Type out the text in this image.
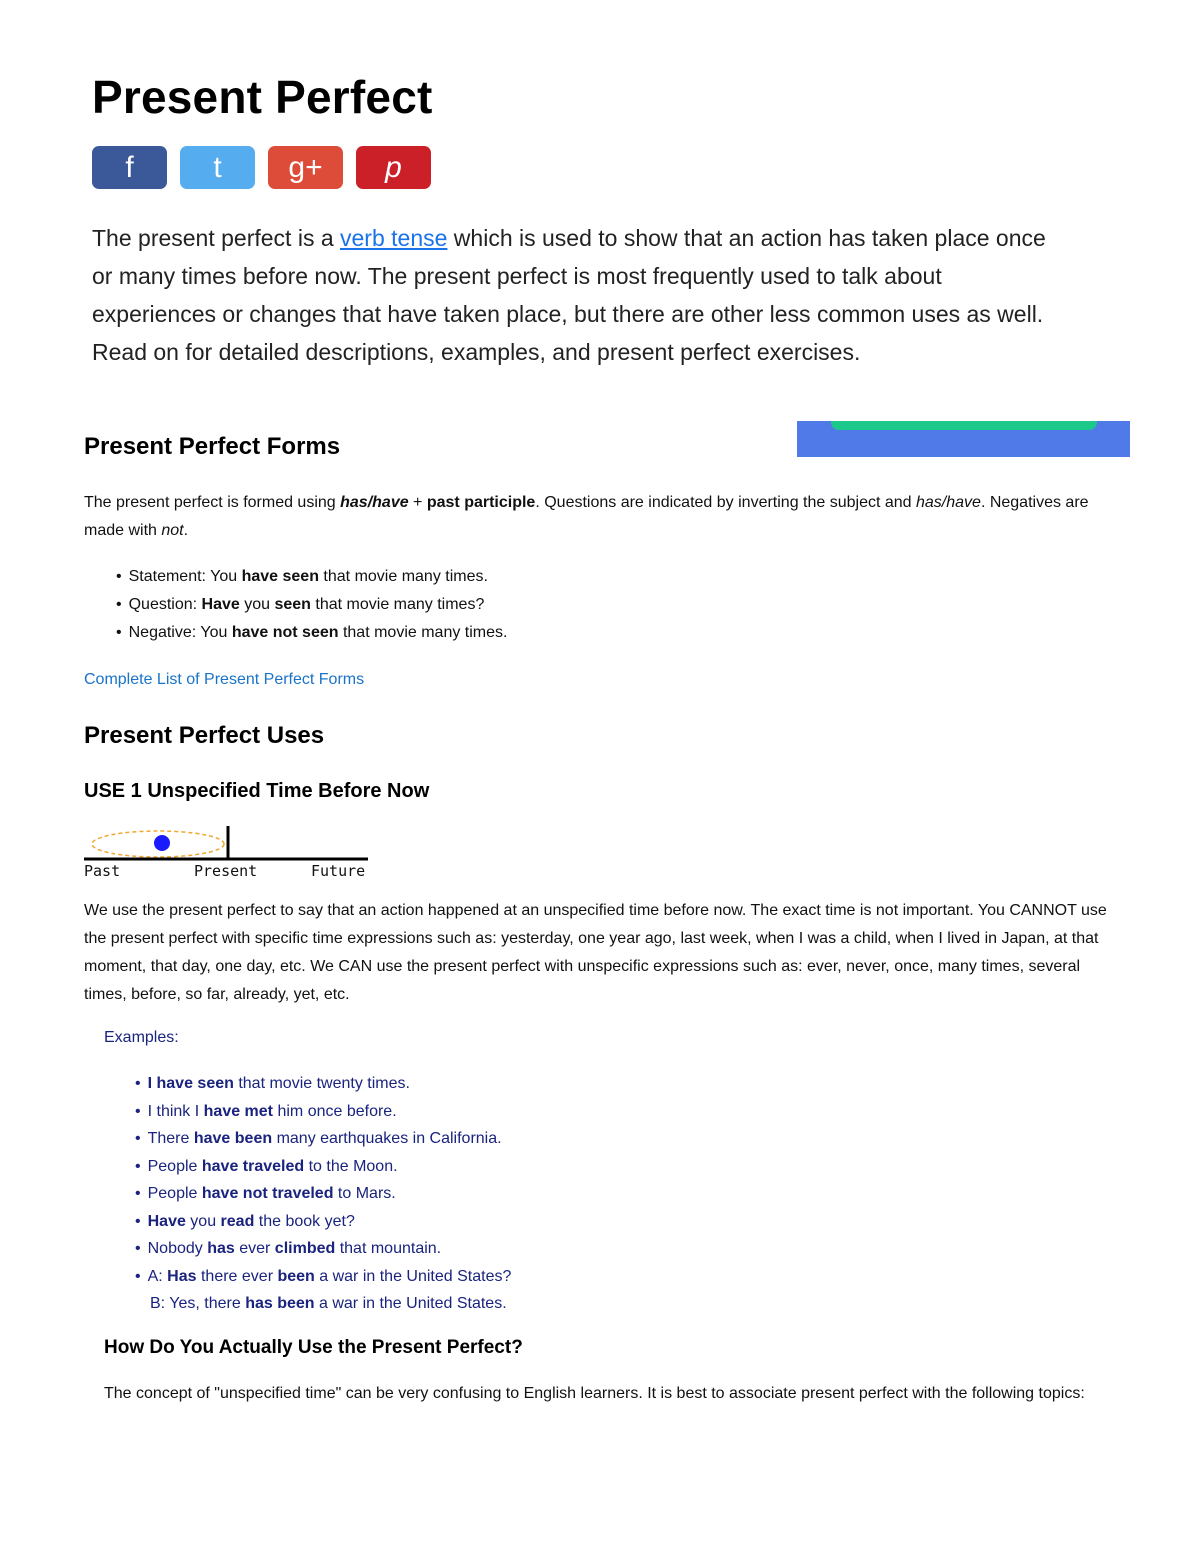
Present Perfect
f	t	g+	p

The present perfect is a verb tense which is used to show that an action has taken place once or many times before now. The present perfect is most frequently used to talk about experiences or changes that have taken place, but there are other less common uses as well. Read on for detailed descriptions, examples, and present perfect exercises.

Present Perfect Forms

The present perfect is formed using has/have + past participle. Questions are indicated by inverting the subject and has/have. Negatives are made with not.

• Statement: You have seen that movie many times.
• Question: Have you seen that movie many times?
• Negative: You have not seen that movie many times.
Complete List of Present Perfect Forms
Present Perfect Uses
USE 1 Unspecified Time Before Now
Past	Present	Future

We use the present perfect to say that an action happened at an unspecified time before now. The exact time is not important. You CANNOT use the present perfect with specific time expressions such as: yesterday, one year ago, last week, when I was a child, when I lived in Japan, at that moment, that day, one day, etc. We CAN use the present perfect with unspecific expressions such as: ever, never, once, many times, several times, before, so far, already, yet, etc.

Examples:
• I have seen that movie twenty times.
• I think I have met him once before.
• There have been many earthquakes in California.
• People have traveled to the Moon.
• People have not traveled to Mars.
• Have you read the book yet?
• Nobody has ever climbed that mountain.
• A: Has there ever been a war in the United States?
B: Yes, there has been a war in the United States.
How Do You Actually Use the Present Perfect?

The concept of "unspecified time" can be very confusing to English learners. It is best to associate present perfect with the following topics:
